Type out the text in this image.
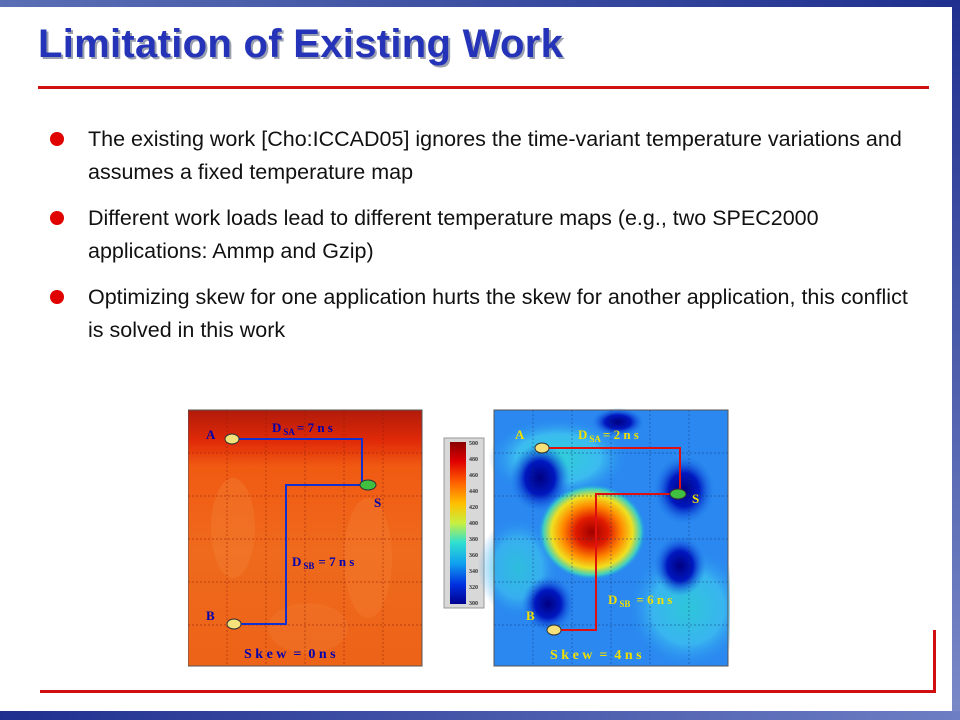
Limitation of Existing Work
The existing work [Cho:ICCAD05] ignores the time-variant temperature variations and assumes a fixed temperature map
Different work loads lead to different temperature maps (e.g., two SPEC2000 applications: Ammp and Gzip)
Optimizing skew for one application hurts the skew for another application, this conflict is solved in this work
A
S
B
D $_{SA}$ = 7 n s
D $_{SB}$ = 7 n s
S k e w  =  0 n s
500
480
460
440
420
400
380
360
340
320
300
A
S
B
D $_{SA}$ = 2 n s
D $_{SB}$ = 6 n s
S k e w  =  4 n s
